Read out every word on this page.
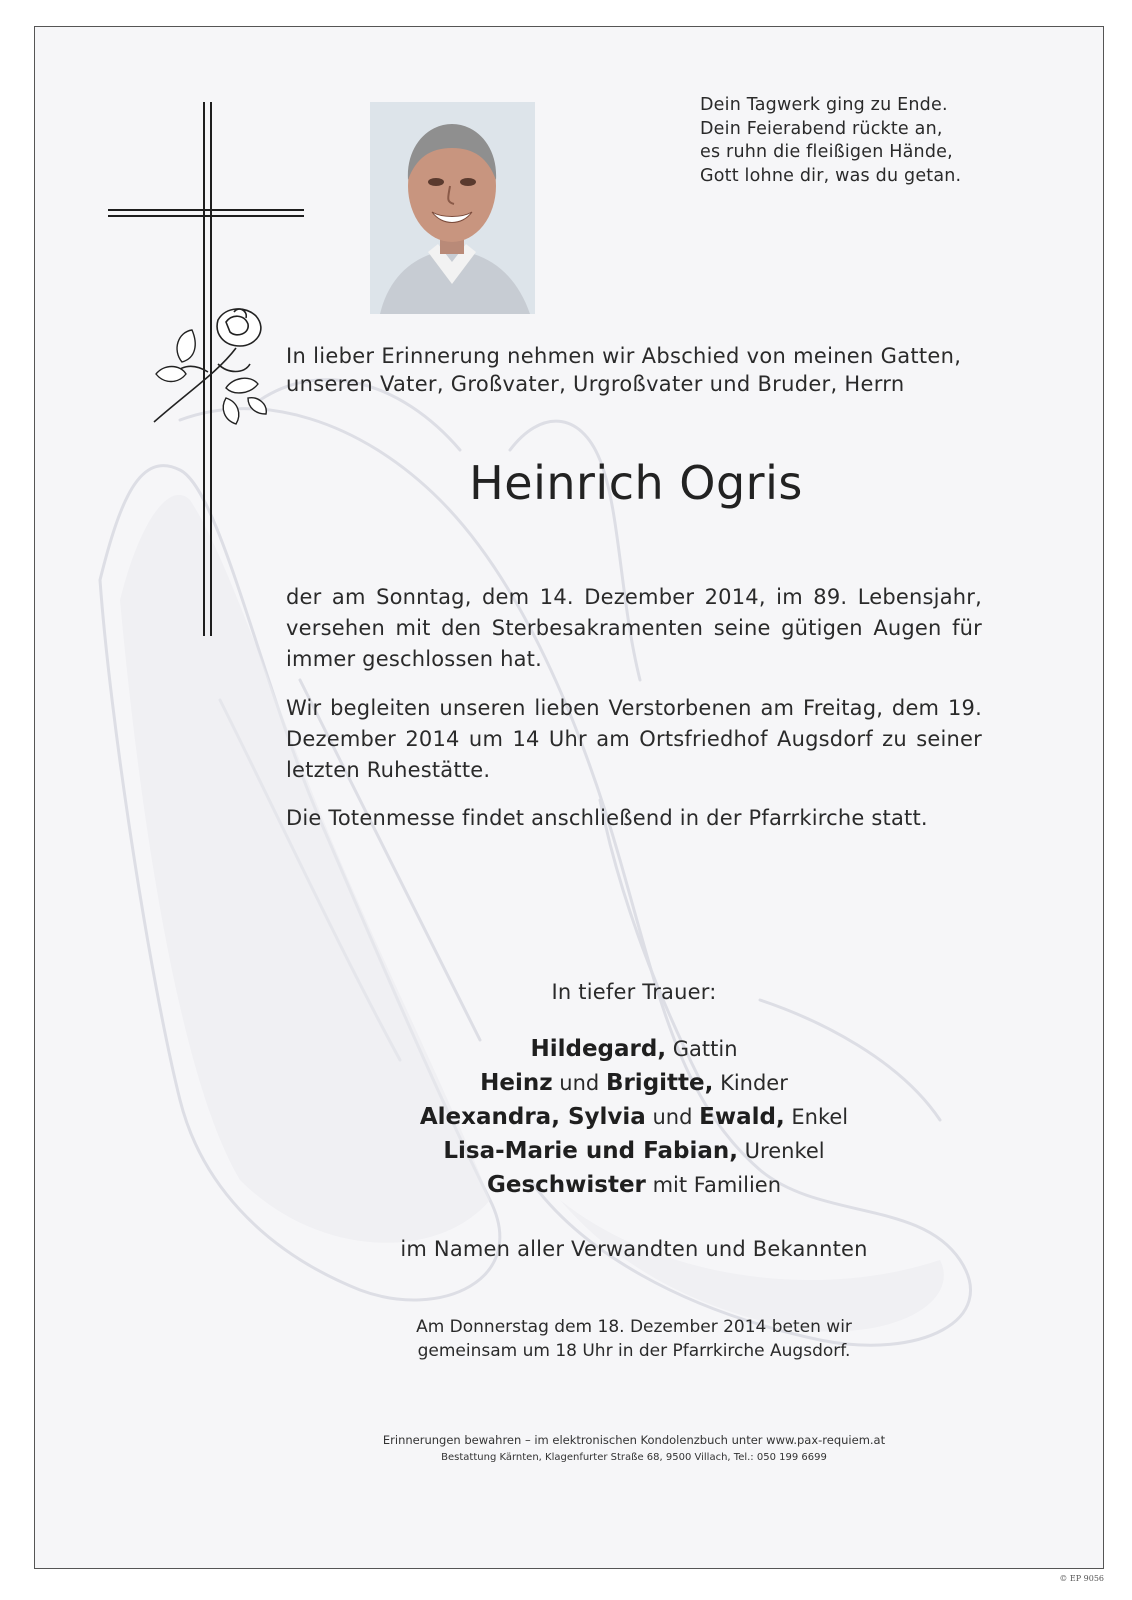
Dein Tagwerk ging zu Ende.
Dein Feierabend rückte an,
es ruhn die fleißigen Hände,
Gott lohne dir, was du getan.
In lieber Erinnerung nehmen wir Abschied von meinen Gatten,
unseren Vater, Großvater, Urgroßvater und Bruder, Herrn
Heinrich Ogris
der am Sonntag, dem 14. Dezember 2014, im 89. Lebensjahr, versehen mit den Sterbesakramenten seine gütigen Augen für immer geschlossen hat.
Wir begleiten unseren lieben Verstorbenen am Freitag, dem 19. Dezember 2014 um 14 Uhr am Ortsfriedhof Augsdorf zu seiner letzten Ruhestätte.
Die Totenmesse findet anschließend in der Pfarrkirche statt.
In tiefer Trauer:
Hildegard, Gattin
Heinz und Brigitte, Kinder
Alexandra, Sylvia und Ewald, Enkel
Lisa-Marie und Fabian, Urenkel
Geschwister mit Familien
im Namen aller Verwandten und Bekannten
Am Donnerstag dem 18. Dezember 2014 beten wir
gemeinsam um 18 Uhr in der Pfarrkirche Augsdorf.
Erinnerungen bewahren – im elektronischen Kondolenzbuch unter www.pax-requiem.at
Bestattung Kärnten, Klagenfurter Straße 68, 9500 Villach, Tel.: 050 199 6699
© EP 9056
